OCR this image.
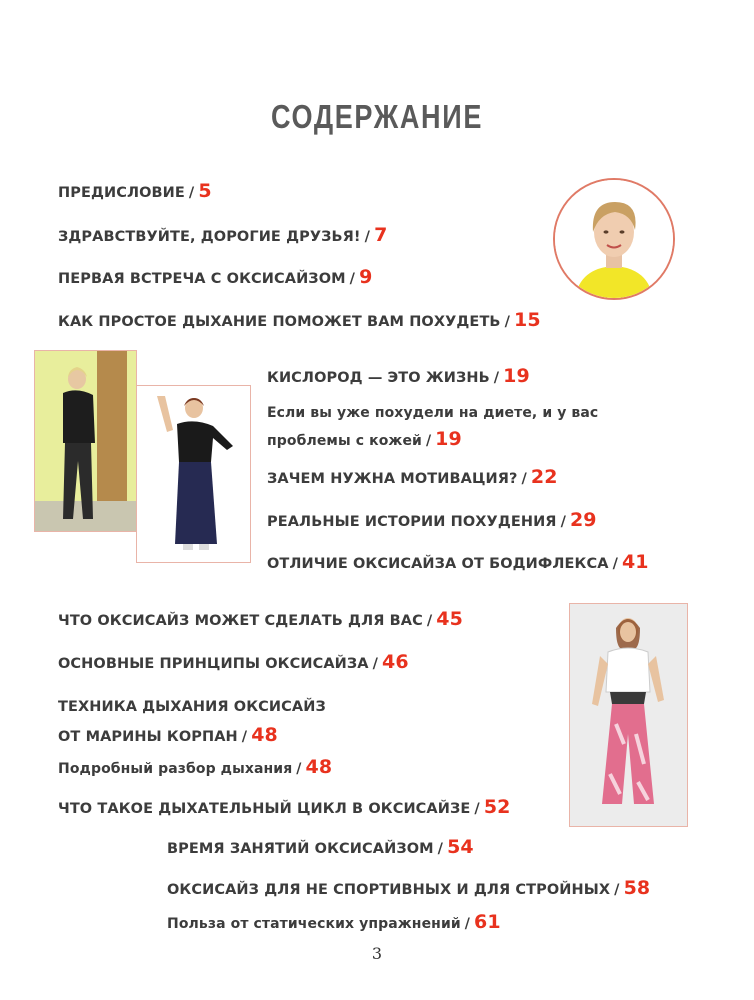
СОДЕРЖАНИЕ
ПРЕДИСЛОВИЕ / 5
ЗДРАВСТВУЙТЕ, ДОРОГИЕ ДРУЗЬЯ! / 7
ПЕРВАЯ ВСТРЕЧА С ОКСИСАЙЗОМ / 9
КАК ПРОСТОЕ ДЫХАНИЕ ПОМОЖЕТ ВАМ ПОХУДЕТЬ / 15
КИСЛОРОД — ЭТО ЖИЗНЬ / 19
Если вы уже похудели на диете, и у вас
проблемы с кожей / 19
ЗАЧЕМ НУЖНА МОТИВАЦИЯ? / 22
РЕАЛЬНЫЕ ИСТОРИИ ПОХУДЕНИЯ / 29
ОТЛИЧИЕ ОКСИСАЙЗА ОТ БОДИФЛЕКСА / 41
ЧТО ОКСИСАЙЗ МОЖЕТ СДЕЛАТЬ ДЛЯ ВАС / 45
ОСНОВНЫЕ ПРИНЦИПЫ ОКСИСАЙЗА / 46
ТЕХНИКА ДЫХАНИЯ ОКСИСАЙЗ
ОТ МАРИНЫ КОРПАН / 48
Подробный разбор дыхания / 48
ЧТО ТАКОЕ ДЫХАТЕЛЬНЫЙ ЦИКЛ В ОКСИСАЙЗЕ / 52
ВРЕМЯ ЗАНЯТИЙ ОКСИСАЙЗОМ / 54
ОКСИСАЙЗ ДЛЯ НЕ СПОРТИВНЫХ И ДЛЯ СТРОЙНЫХ / 58
Польза от статических упражнений / 61
3
